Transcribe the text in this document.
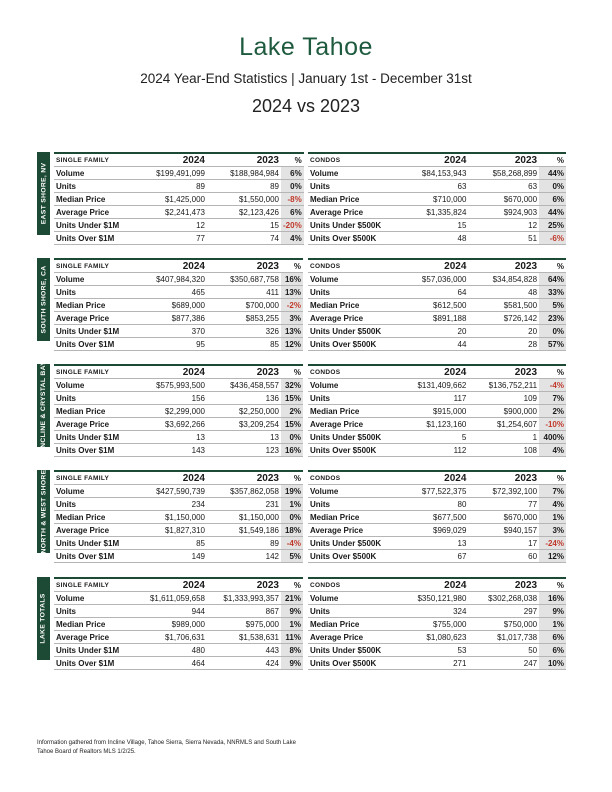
Lake Tahoe
2024 Year-End Statistics | January 1st - December 31st
2024 vs 2023
EAST SHORE, NV
SINGLE FAMILY	2024	2023	%
Volume	$199,491,099	$188,984,984	6%
Units	89	89	0%
Median Price	$1,425,000	$1,550,000	-8%
Average Price	$2,241,473	$2,123,426	6%
Units Under $1M	12	15	-20%
Units Over $1M	77	74	4%
CONDOS	2024	2023	%
Volume	$84,153,943	$58,268,899	44%
Units	63	63	0%
Median Price	$710,000	$670,000	6%
Average Price	$1,335,824	$924,903	44%
Units Under $500K	15	12	25%
Units Over $500K	48	51	-6%
SOUTH SHORE, CA SINGLE FAMILY	2024	2023	%
Volume	$407,984,320	$350,687,758	16%
Units	465	411	13%
Median Price	$689,000	$700,000	-2%
Average Price	$877,386	$853,255	3%
Units Under $1M	370	326	13%
Units Over $1M	95	85	12%
CONDOS	2024	2023	%
Volume	$57,036,000	$34,854,828	64%
Units	64	48	33%
Median Price	$612,500	$581,500	5%
Average Price	$891,188	$726,142	23%
Units Under $500K	20	20	0%
Units Over $500K	44	28	57%
INCLINE & CRYSTAL BAY SINGLE FAMILY	2024	2023	%
Volume	$575,993,500	$436,458,557	32%
Units	156	136	15%
Median Price	$2,299,000	$2,250,000	2%
Average Price	$3,692,266	$3,209,254	15%
Units Under $1M	13	13	0%
Units Over $1M	143	123	16%
CONDOS	2024	2023	%
Volume	$131,409,662	$136,752,211	-4%
Units	117	109	7%
Median Price	$915,000	$900,000	2%
Average Price	$1,123,160	$1,254,607	-10%
Units Under $500K	5	1	400%
Units Over $500K	112	108	4%
NORTH & WEST SHORE SINGLE FAMILY	2024	2023	%
Volume	$427,590,739	$357,862,058	19%
Units	234	231	1%
Median Price	$1,150,000	$1,150,000	0%
Average Price	$1,827,310	$1,549,186	18%
Units Under $1M	85	89	-4%
Units Over $1M	149	142	5%
CONDOS	2024	2023	%
Volume	$77,522,375	$72,392,100	7%
Units	80	77	4%
Median Price	$677,500	$670,000	1%
Average Price	$969,029	$940,157	3%
Units Under $500K	13	17	-24%
Units Over $500K	67	60	12%
LAKE TOTALS
SINGLE FAMILY	2024	2023	%
Volume	$1,611,059,658	$1,333,993,357	21%
Units	944	867	9%
Median Price	$989,000	$975,000	1%
Average Price	$1,706,631	$1,538,631	11%
Units Under $1M	480	443	8%
Units Over $1M	464	424	9%
CONDOS	2024	2023	%
Volume	$350,121,980	$302,268,038	16%
Units	324	297	9%
Median Price	$755,000	$750,000	1%
Average Price	$1,080,623	$1,017,738	6%
Units Under $500K	53	50	6%
Units Over $500K	271	247	10%
Information gathered from Incline Village, Tahoe Sierra, Sierra Nevada, NNRMLS and South Lake Tahoe Board of Realtors MLS 1/2/25.
